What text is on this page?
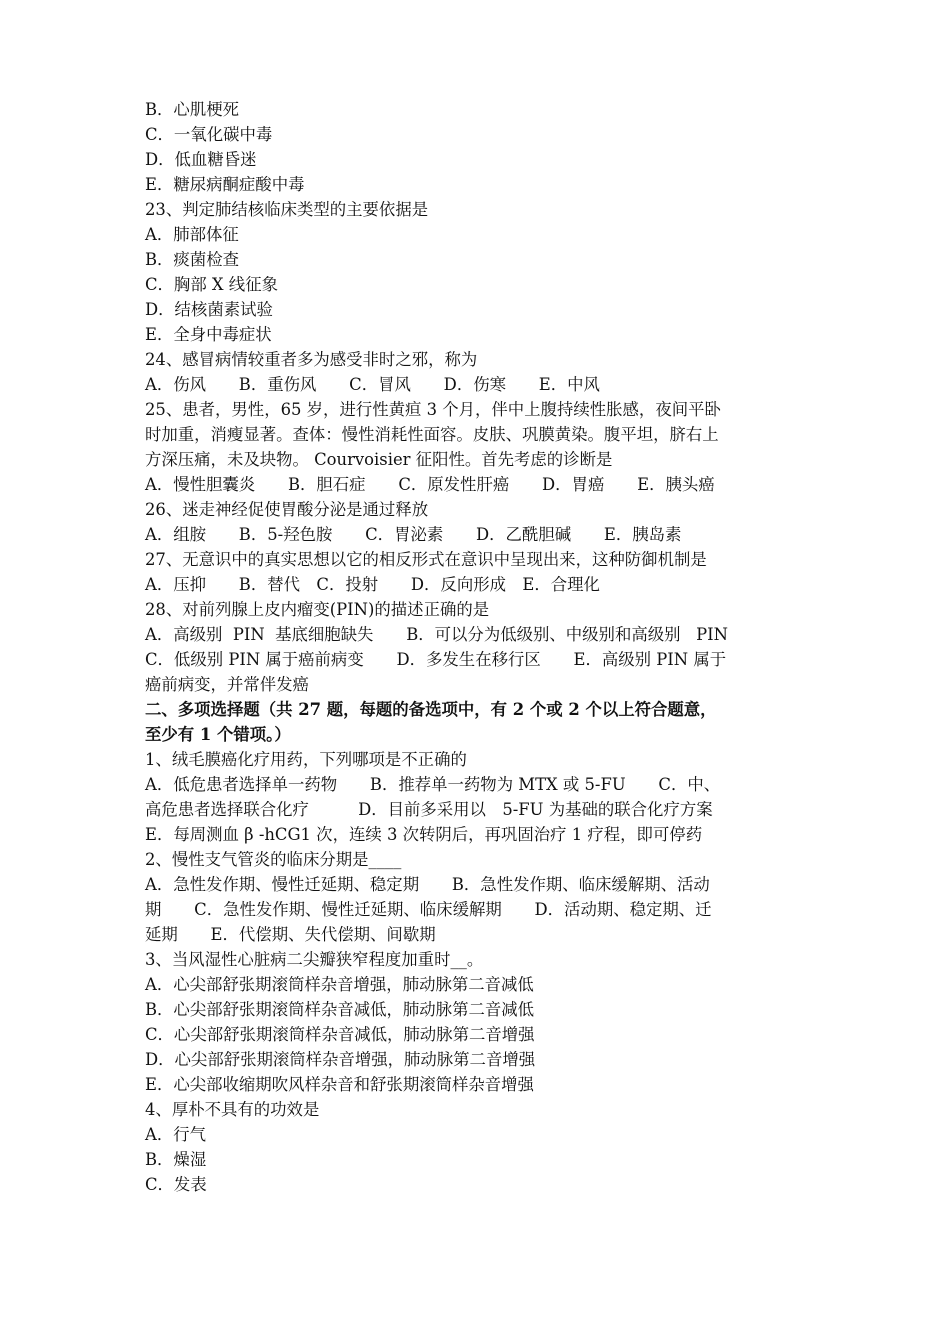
B．心肌梗死
C．一氧化碳中毒
D．低血糖昏迷
E．糖尿病酮症酸中毒
23、判定肺结核临床类型的主要依据是
A．肺部体征
B．痰菌检查
C．胸部 X 线征象
D．结核菌素试验
E．全身中毒症状
24、感冒病情较重者多为感受非时之邪，称为
A．伤风　　B．重伤风　　C．冒风　　D．伤寒　　E．中风
25、患者，男性，65 岁，进行性黄疸 3 个月，伴中上腹持续性胀感，夜间平卧
时加重，消瘦显著。查体：慢性消耗性面容。皮肤、巩膜黄染。腹平坦，脐右上
方深压痛，未及块物。 Courvoisier 征阳性。首先考虑的诊断是
A．慢性胆囊炎　　B．胆石症　　C．原发性肝癌　　D．胃癌　　E．胰头癌
26、迷走神经促使胃酸分泌是通过释放
A．组胺　　B．5-羟色胺　　C．胃泌素　　D．乙酰胆碱　　E．胰岛素
27、无意识中的真实思想以它的相反形式在意识中呈现出来，这种防御机制是
A．压抑　　B．替代　C．投射　　D．反向形成　E．合理化
28、对前列腺上皮内瘤变(PIN)的描述正确的是
A．高级别  PIN  基底细胞缺失　　B．可以分为低级别、中级别和高级别   PIN
C．低级别 PIN 属于癌前病变　　D．多发生在移行区　　E．高级别 PIN 属于
癌前病变，并常伴发癌
二、多项选择题（共 27 题，每题的备选项中，有 2 个或 2 个以上符合题意，
至少有 1 个错项。）
1、绒毛膜癌化疗用药，下列哪项是不正确的
A．低危患者选择单一药物　　B．推荐单一药物为 MTX 或 5-FU　　C．中、
高危患者选择联合化疗　　　D．目前多采用以　5-FU 为基础的联合化疗方案
E．每周测血 β -hCG1 次，连续 3 次转阴后，再巩固治疗 1 疗程，即可停药
2、慢性支气管炎的临床分期是____
A．急性发作期、慢性迁延期、稳定期　　B．急性发作期、临床缓解期、活动
期　　C．急性发作期、慢性迁延期、临床缓解期　　D．活动期、稳定期、迁
延期　　E．代偿期、失代偿期、间歇期
3、当风湿性心脏病二尖瓣狭窄程度加重时__。
A．心尖部舒张期滚筒样杂音增强，肺动脉第二音减低
B．心尖部舒张期滚筒样杂音减低，肺动脉第二音减低
C．心尖部舒张期滚筒样杂音减低，肺动脉第二音增强
D．心尖部舒张期滚筒样杂音增强，肺动脉第二音增强
E．心尖部收缩期吹风样杂音和舒张期滚筒样杂音增强
4、厚朴不具有的功效是
A．行气
B．燥湿
C．发表
